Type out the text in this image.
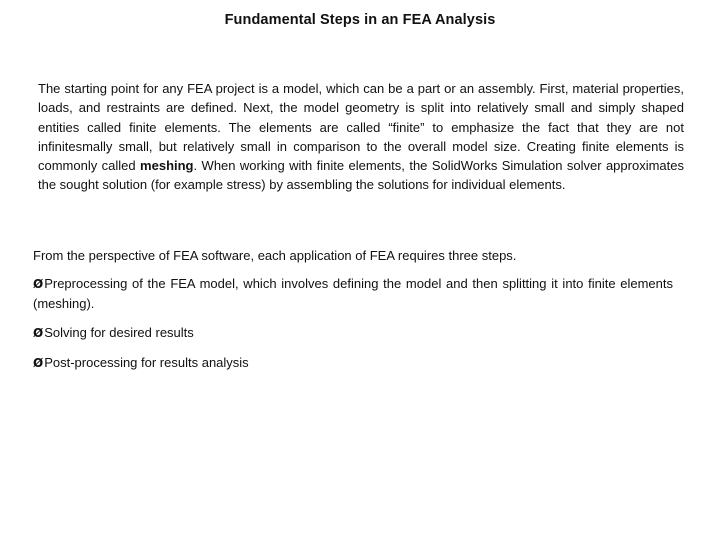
Fundamental Steps in an FEA Analysis

The starting point for any FEA project is a model, which can be a part or an assembly. First, material properties, loads, and restraints are defined. Next, the model geometry is split into relatively small and simply shaped entities called finite elements. The elements are called “finite” to emphasize the fact that they are not infinitesmally small, but relatively small in comparison to the overall model size. Creating finite elements is commonly called meshing. When working with finite elements, the SolidWorks Simulation solver approximates the sought solution (for example stress) by assembling the solutions for individual elements.

From the perspective of FEA software, each application of FEA requires three steps.

ØPreprocessing of the FEA model, which involves defining the model and then splitting it into finite elements (meshing).
ØSolving for desired results
ØPost-processing for results analysis
